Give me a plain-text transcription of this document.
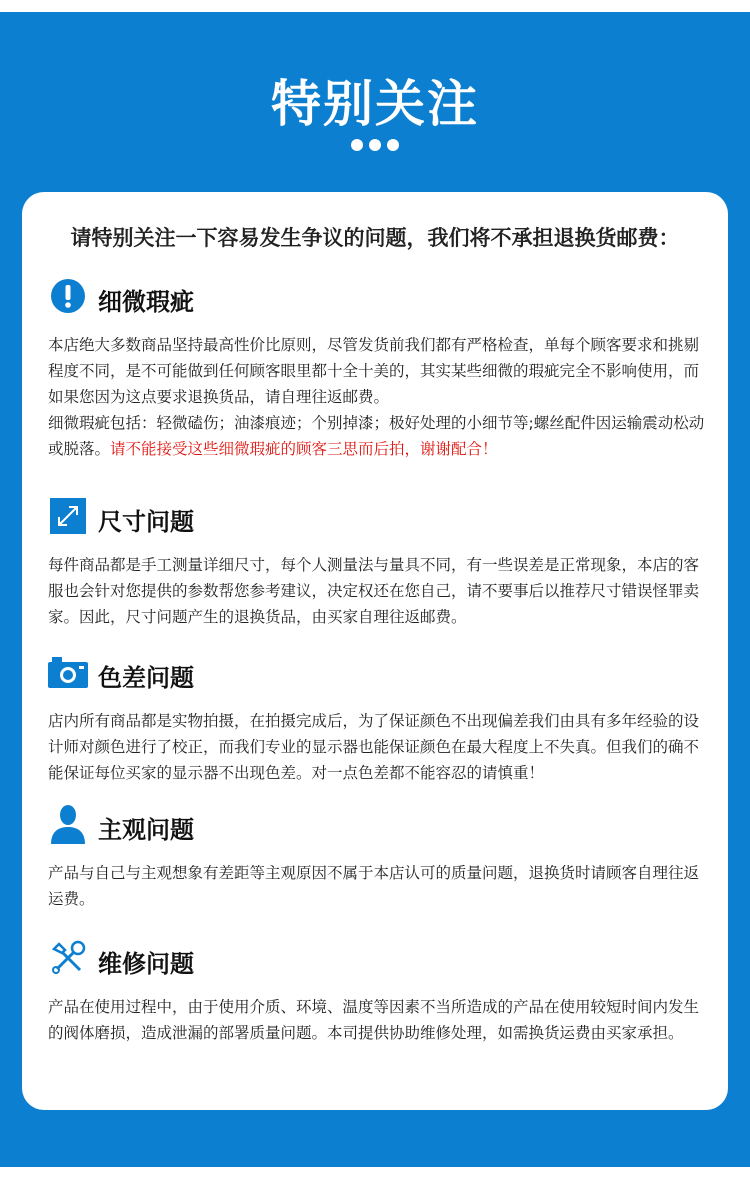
特别关注
请特别关注一下容易发生争议的问题，我们将不承担退换货邮费：
细微瑕疵
本店绝大多数商品坚持最高性价比原则，尽管发货前我们都有严格检查，单每个顾客要求和挑剔程度不同，是不可能做到任何顾客眼里都十全十美的，其实某些细微的瑕疵完全不影响使用，而如果您因为这点要求退换货品，请自理往返邮费。
细微瑕疵包括：轻微磕伤；油漆痕迹；个别掉漆；极好处理的小细节等;螺丝配件因运输震动松动或脱落。请不能接受这些细微瑕疵的顾客三思而后拍，谢谢配合！
尺寸问题
每件商品都是手工测量详细尺寸，每个人测量法与量具不同，有一些误差是正常现象，本店的客服也会针对您提供的参数帮您参考建议，决定权还在您自己，请不要事后以推荐尺寸错误怪罪卖家。因此，尺寸问题产生的退换货品，由买家自理往返邮费。
色差问题
店内所有商品都是实物拍摄，在拍摄完成后，为了保证颜色不出现偏差我们由具有多年经验的设计师对颜色进行了校正，而我们专业的显示器也能保证颜色在最大程度上不失真。但我们的确不能保证每位买家的显示器不出现色差。对一点色差都不能容忍的请慎重！
主观问题
产品与自己与主观想象有差距等主观原因不属于本店认可的质量问题，退换货时请顾客自理往返运费。
维修问题
产品在使用过程中，由于使用介质、环境、温度等因素不当所造成的产品在使用较短时间内发生的阀体磨损，造成泄漏的部署质量问题。本司提供协助维修处理，如需换货运费由买家承担。
